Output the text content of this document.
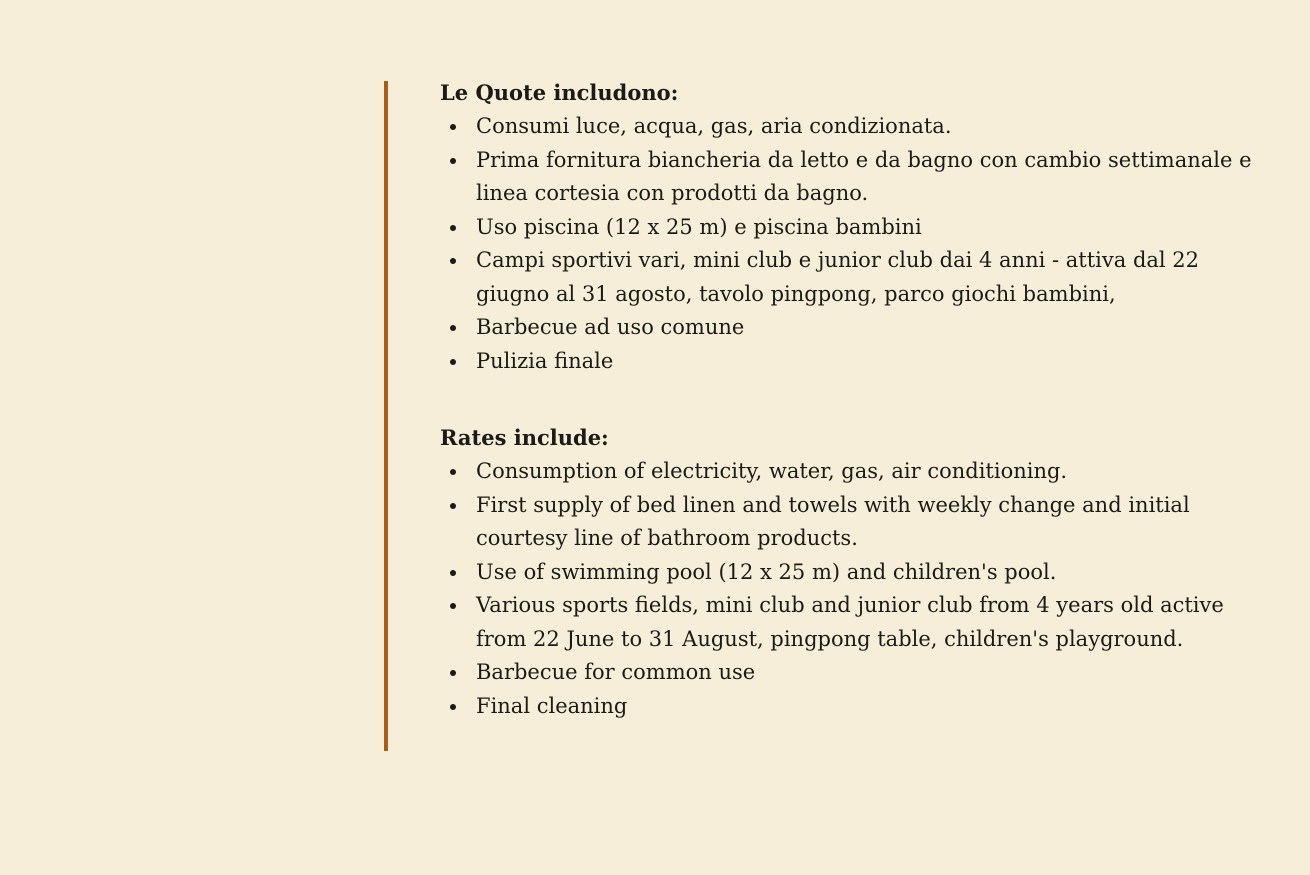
Le Quote includono:

Consumi luce, acqua, gas, aria condizionata.
Prima fornitura biancheria da letto e da bagno con cambio settimanale e linea cortesia con prodotti da bagno.
Uso piscina (12 x 25 m) e piscina bambini
Campi sportivi vari, mini club e junior club dai 4 anni - attiva dal 22 giugno al 31 agosto, tavolo pingpong, parco giochi bambini,
Barbecue ad uso comune
Pulizia finale

Rates include:

Consumption of electricity, water, gas, air conditioning.
First supply of bed linen and towels with weekly change and initial courtesy line of bathroom products.
Use of swimming pool (12 x 25 m) and children's pool.
Various sports fields, mini club and junior club from 4 years old active from 22 June to 31 August, pingpong table, children's playground.
Barbecue for common use
Final cleaning
